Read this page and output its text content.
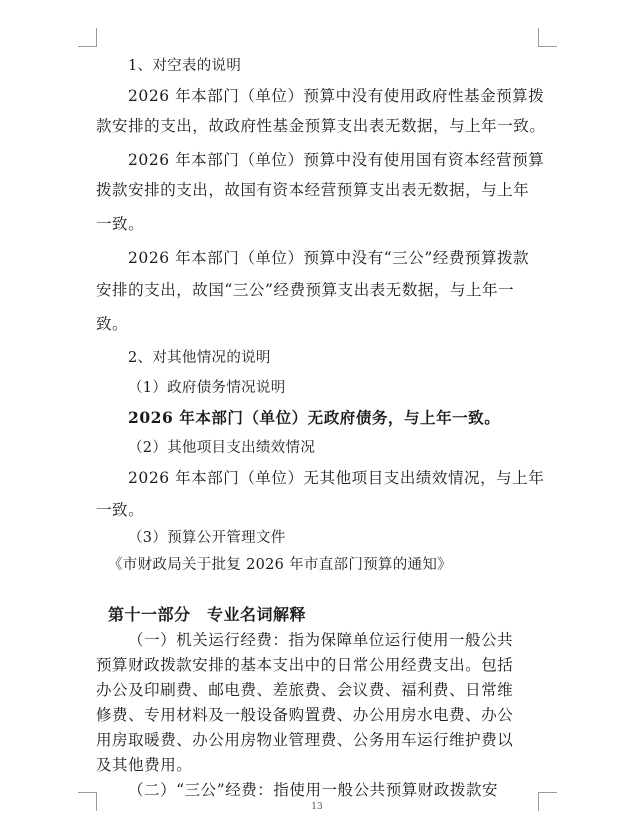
1、对空表的说明

2026 年本部门（单位）预算中没有使用政府性基金预算拨

款安排的支出，故政府性基金预算支出表无数据，与上年一致。

2026 年本部门（单位）预算中没有使用国有资本经营预算

拨款安排的支出，故国有资本经营预算支出表无数据，与上年

一致。

2026 年本部门（单位）预算中没有“三公”经费预算拨款

安排的支出，故国“三公”经费预算支出表无数据，与上年一

致。

2、对其他情况的说明

（1）政府债务情况说明

2026 年本部门（单位）无政府债务，与上年一致。

（2）其他项目支出绩效情况

2026 年本部门（单位）无其他项目支出绩效情况，与上年

一致。

（3）预算公开管理文件

《市财政局关于批复 2026 年市直部门预算的通知》

第十一部分　专业名词解释

（一）机关运行经费：指为保障单位运行使用一般公共

预算财政拨款安排的基本支出中的日常公用经费支出。包括

办公及印刷费、邮电费、差旅费、会议费、福利费、日常维

修费、专用材料及一般设备购置费、办公用房水电费、办公

用房取暖费、办公用房物业管理费、公务用车运行维护费以

及其他费用。

（二）“三公”经费：指使用一般公共预算财政拨款安

13
